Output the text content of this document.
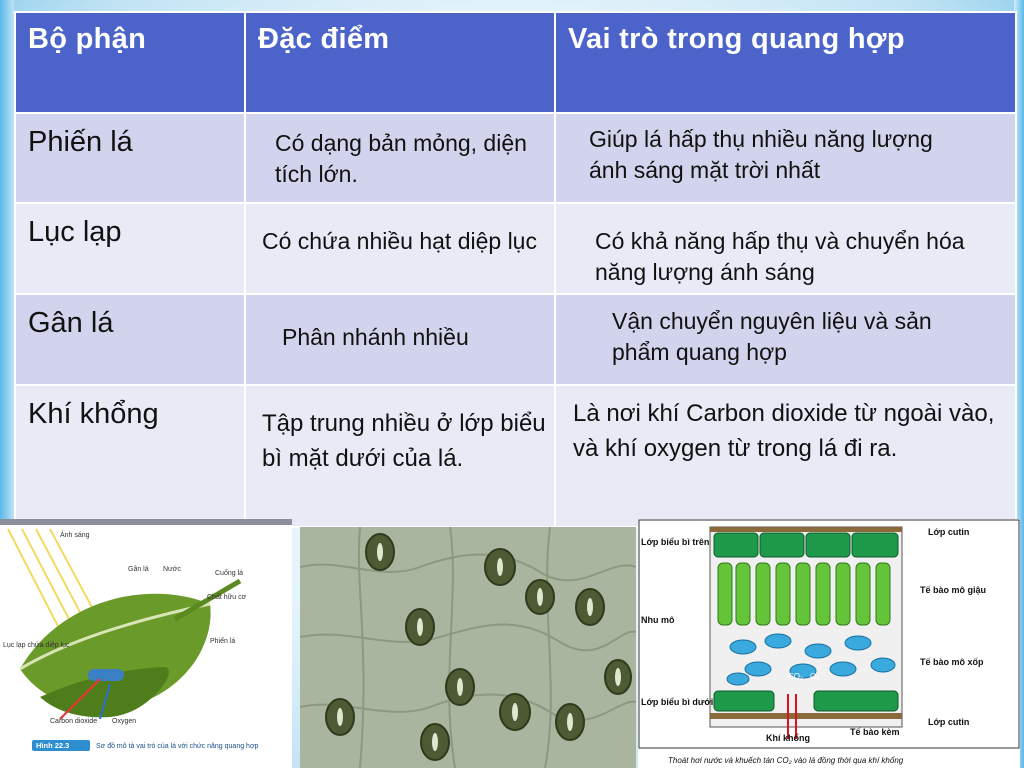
Bộ phận	Đặc điểm	Vai trò trong quang hợp

Phiến lá	Có dạng bản mỏng, diện tích lớn.	Giúp lá hấp thụ nhiều năng lượng ánh sáng mặt trời nhất

Lục lạp	Có chứa nhiều hạt diệp lục	Có khả năng hấp thụ và chuyển hóa năng lượng ánh sáng

Gân lá	Phân nhánh nhiều	Vận chuyển nguyên liệu và sản phẩm quang hợp

Khí khổng	Tập trung nhiều ở lớp biểu bì mặt dưới của lá.	Là nơi khí Carbon dioxide từ ngoài vào, và khí oxygen từ trong lá đi ra.
Ánh sáng
Gân lá Nước
Cuống lá
Chất hữu cơ
Lục lạp chứa diệp lục
Phiến lá
Carbon dioxide Oxygen
Hình 22.3	Sơ đồ mô tả vai trò của lá với chức năng quang hợp
CO₂ O₂
Lớp biểu bì trên
Lớp cutin
Tế bào mô giậu
Nhu mô
Tế bào mô xốp
Lớp biểu bì dưới
Khí khổng
Tế bào kèm
Lớp cutin
Thoát hơi nước và khuếch tán CO₂ vào lá đồng thời qua khí khổng
